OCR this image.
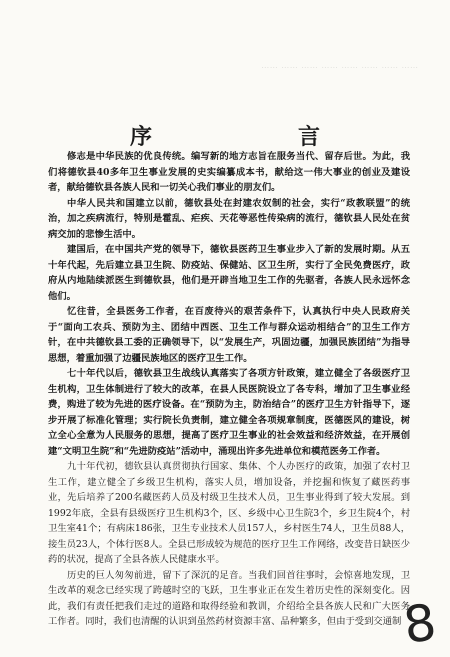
…… …… …… …… …… …… …… ……
序　言

修志是中华民族的优良传统。编写新的地方志旨在服务当代、留存后世。为此，我们将德钦县40多年卫生事业发展的史实编纂成本书，献给这一伟大事业的创业及建设者，献给德钦县各族人民和一切关心我们事业的朋友们。

中华人民共和国建立以前，德钦县处在封建农奴制的社会，实行“政教联盟”的统治，加之疾病流行，特别是霍乱、疟疾、天花等恶性传染病的流行，德钦县人民处在贫病交加的悲惨生活中。

建国后，在中国共产党的领导下，德钦县医药卫生事业步入了新的发展时期。从五十年代起，先后建立县卫生院、防疫站、保健站、区卫生所，实行了全民免费医疗，政府从内地陆续派医生到德钦县，他们是开辟当地卫生工作的先驱者，各族人民永远怀念他们。

忆往昔，全县医务工作者，在百废待兴的艰苦条件下，认真执行中央人民政府关于“面向工农兵、预防为主、团结中西医、卫生工作与群众运动相结合”的卫生工作方针，在中共德钦县工委的正确领导下，以“发展生产，巩固边疆，加强民族团结”为指导思想，着重加强了边疆民族地区的医疗卫生工作。

七十年代以后，德钦县卫生战线认真落实了各项方针政策，建立健全了各级医疗卫生机构，卫生体制进行了较大的改革，在县人民医院设立了各专科，增加了卫生事业经费，购进了较为先进的医疗设备。在“预防为主，防治结合”的医疗卫生方针指导下，逐步开展了标准化管理；实行院长负责制，建立健全各项规章制度，医德医风的建设，树立全心全意为人民服务的思想，提高了医疗卫生事业的社会效益和经济效益，在开展创建“文明卫生院”和“先进防疫站”活动中，涌现出许多先进单位和模范医务工作者。

九十年代初，德钦县认真贯彻执行国家、集体、个人办医疗的政策，加强了农村卫生工作，建立健全了乡级卫生机构，落实人员，增加设备，并挖掘和恢复了藏医药事业，先后培养了200名藏医药人员及村级卫生技术人员，卫生事业得到了较大发展。到1992年底，全县有县级医疗卫生机构3个，区、乡级中心卫生院3个，乡卫生院4个，村卫生室41个；有病床186张，卫生专业技术人员157人，乡村医生74人，卫生员88人，接生员23人，个体行医8人。全县已形成较为规范的医疗卫生工作网络，改变昔日缺医少药的状况，提高了全县各族人民健康水平。

历史的巨人匆匆前进，留下了深沉的足音。当我们回首往事时，会惊喜地发现，卫生改革的观念已经实现了跨越时空的飞跃，卫生事业正在发生着历史性的深刻变化。因此，我们有责任把我们走过的道路和取得经验和教训，介绍给全县各族人民和广大医务工作者。同时，我们也清醒的认识到虽然药材资源丰富、品种繁多，但由于受到交通制 8
